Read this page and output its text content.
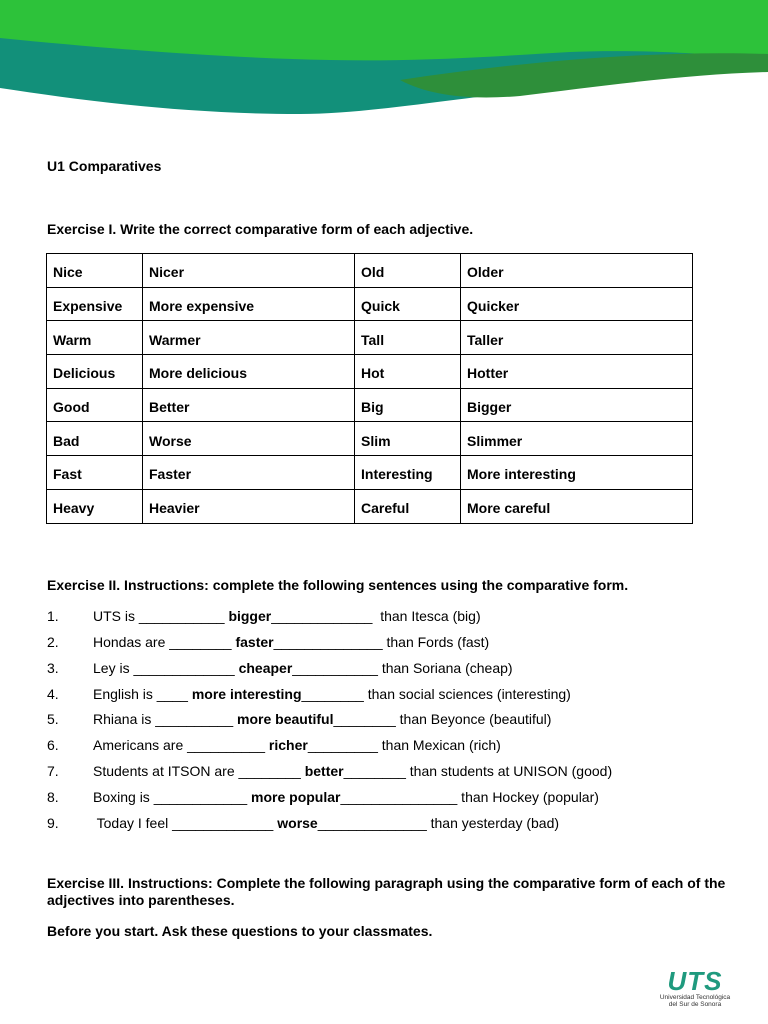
U1 Comparatives
Exercise I. Write the correct comparative form of each adjective.
Nice	Nicer	Old	Older
Expensive	More expensive	Quick	Quicker
Warm	Warmer	Tall	Taller
Delicious	More delicious	Hot	Hotter
Good	Better	Big	Bigger
Bad	Worse	Slim	Slimmer
Fast	Faster	Interesting	More interesting
Heavy	Heavier	Careful	More careful
Exercise II. Instructions: complete the following sentences using the comparative form.
1. UTS is ___________ bigger_____________  than Itesca (big)
2. Hondas are ________ faster______________ than Fords (fast)
3. Ley is _____________ cheaper___________ than Soriana (cheap)
4. English is ____ more interesting________ than social sciences (interesting)
5. Rhiana is __________ more beautiful________ than Beyonce (beautiful)
6. Americans are __________ richer_________ than Mexican (rich)
7. Students at ITSON are ________ better________ than students at UNISON (good)
8. Boxing is ____________ more popular_______________ than Hockey (popular)
9. Today I feel _____________ worse______________ than yesterday (bad)
Exercise III. Instructions: Complete the following paragraph using the comparative form of each of the adjectives into parentheses.
Before you start. Ask these questions to your classmates.
UTS
Universidad Tecnológica
del Sur de Sonora
